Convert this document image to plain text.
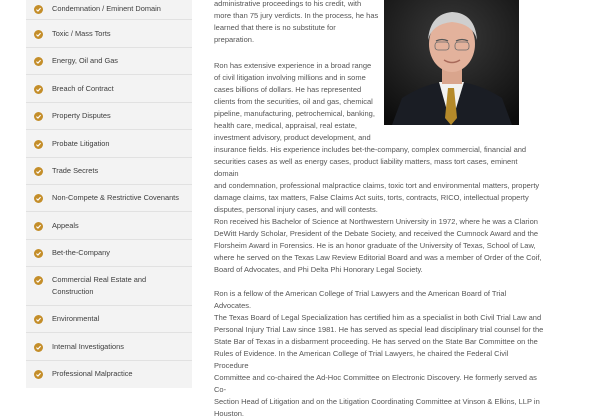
Condemnation / Eminent Domain
Toxic / Mass Torts
Energy, Oil and Gas
Breach of Contract
Property Disputes
Probate Litigation
Trade Secrets
Non-Compete & Restrictive Covenants
Appeals
Bet-the-Company
Commercial Real Estate and Construction
Environmental
Internal Investigations
Professional Malpractice

administrative proceedings to his credit, with
more than 75 jury verdicts. In the process, he has
learned that there is no substitute for
preparation.

Ron has extensive experience in a broad range
of civil litigation involving millions and in some
cases billions of dollars. He has represented
clients from the securities, oil and gas, chemical
pipeline, manufacturing, petrochemical, banking,
health care, medical, appraisal, real estate,
investment advisory, product development, and

insurance fields. His experience includes bet-the-company, complex commercial, financial and
securities cases as well as energy cases, product liability matters, mass tort cases, eminent domain
and condemnation, professional malpractice claims, toxic tort and environmental matters, property
damage claims, tax matters, False Claims Act suits, torts, contracts, RICO, intellectual property
disputes, personal injury cases, and will contests.

Ron received his Bachelor of Science at Northwestern University in 1972, where he was a Clarion
DeWitt Hardy Scholar, President of the Debate Society, and received the Cumnock Award and the
Florsheim Award in Forensics. He is an honor graduate of the University of Texas, School of Law,
where he served on the Texas Law Review Editorial Board and was a member of Order of the Coif,
Board of Advocates, and Phi Delta Phi Honorary Legal Society.

Ron is a fellow of the American College of Trial Lawyers and the American Board of Trial Advocates.
The Texas Board of Legal Specialization has certified him as a specialist in both Civil Trial Law and
Personal Injury Trial Law since 1981. He has served as special lead disciplinary trial counsel for the
State Bar of Texas in a disbarment proceeding. He has served on the State Bar Committee on the
Rules of Evidence. In the American College of Trial Lawyers, he chaired the Federal Civil Procedure
Committee and co-chaired the Ad-Hoc Committee on Electronic Discovery. He formerly served as Co-
Section Head of Litigation and on the Litigation Coordinating Committee at Vinson & Elkins, LLP in
Houston.
